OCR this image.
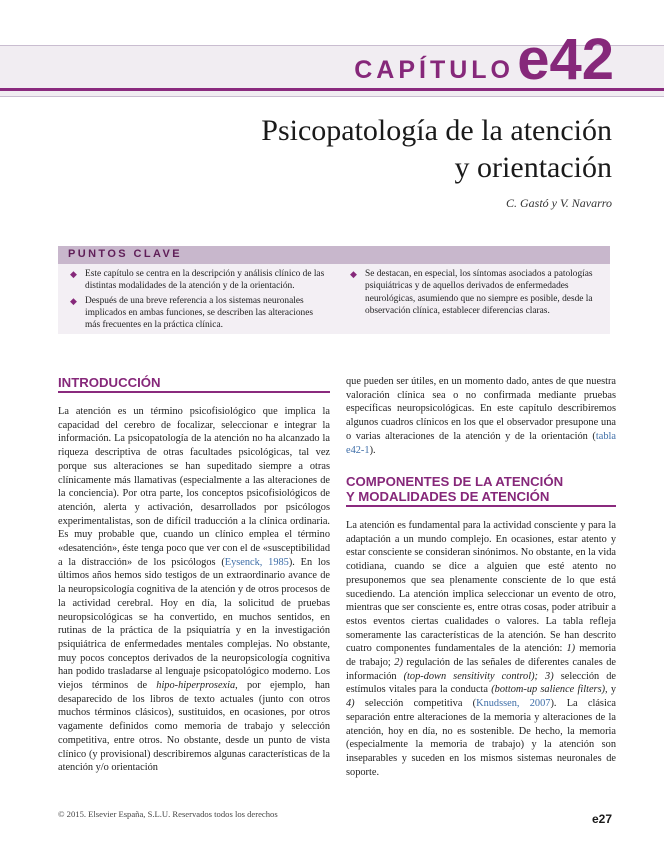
CAPÍTULO e42
Psicopatología de la atención
y orientación
C. Gastó y V. Navarro
PUNTOS CLAVE
◆ Este capítulo se centra en la descripción y análisis clínico de las distintas modalidades de la atención y de la orientación.
◆ Después de una breve referencia a los sistemas neuronales implicados en ambas funciones, se describen las alteraciones más frecuentes en la práctica clínica.
◆ Se destacan, en especial, los síntomas asociados a patologías psiquiátricas y de aquellos derivados de enfermedades neurológicas, asumiendo que no siempre es posible, desde la observación clínica, establecer diferencias claras.
INTRODUCCIÓN
La atención es un término psicofisiológico que implica la capacidad del cerebro de focalizar, seleccionar e integrar la información. La psicopatología de la atención no ha alcanzado la riqueza descriptiva de otras facultades psicológicas, tal vez porque sus alteraciones se han supeditado siempre a otras clínicamente más llamativas (especialmente a las alteraciones de la conciencia). Por otra parte, los conceptos psicofisiológicos de atención, alerta y activación, desarrollados por psicólogos experimentalistas, son de difícil traducción a la clínica ordinaria. Es muy probable que, cuando un clínico emplea el término «desatención», éste tenga poco que ver con el de «susceptibilidad a la distracción» de los psicólogos (Eysenck, 1985). En los últimos años hemos sido testigos de un extraordinario avance de la neuropsicología cognitiva de la atención y de otros procesos de la actividad cerebral. Hoy en día, la solicitud de pruebas neuropsicológicas se ha convertido, en muchos sentidos, en rutinas de la práctica de la psiquiatría y en la investigación psiquiátrica de enfermedades mentales complejas. No obstante, muy pocos conceptos derivados de la neuropsicología cognitiva han podido trasladarse al lenguaje psicopatológico moderno. Los viejos términos de hipo-hiperprosexia, por ejemplo, han desaparecido de los libros de texto actuales (junto con otros muchos términos clásicos), sustituidos, en ocasiones, por otros vagamente definidos como memoria de trabajo y selección competitiva, entre otros. No obstante, desde un punto de vista clínico (y provisional) describiremos algunas características de la atención y/o orientación
que pueden ser útiles, en un momento dado, antes de que nuestra valoración clínica sea o no confirmada mediante pruebas específicas neuropsicológicas. En este capítulo describiremos algunos cuadros clínicos en los que el observador presupone una o varias alteraciones de la atención y de la orientación (tabla e42-1).
COMPONENTES DE LA ATENCIÓN
Y MODALIDADES DE ATENCIÓN
La atención es fundamental para la actividad consciente y para la adaptación a un mundo complejo. En ocasiones, estar atento y estar consciente se consideran sinónimos. No obstante, en la vida cotidiana, cuando se dice a alguien que esté atento no presuponemos que sea plenamente consciente de lo que está sucediendo. La atención implica seleccionar un evento de otro, mientras que ser consciente es, entre otras cosas, poder atribuir a estos eventos ciertas cualidades o valores. La tabla refleja someramente las características de la atención. Se han descrito cuatro componentes fundamentales de la atención: 1) memoria de trabajo; 2) regulación de las señales de diferentes canales de información (top-down sensitivity control); 3) selección de estímulos vitales para la conducta (bottom-up salience filters), y 4) selección competitiva (Knudssen, 2007). La clásica separación entre alteraciones de la memoria y alteraciones de la atención, hoy en día, no es sostenible. De hecho, la memoria (especialmente la memoria de trabajo) y la atención son inseparables y suceden en los mismos sistemas neuronales de soporte.
© 2015. Elsevier España, S.L.U. Reservados todos los derechos	e27
